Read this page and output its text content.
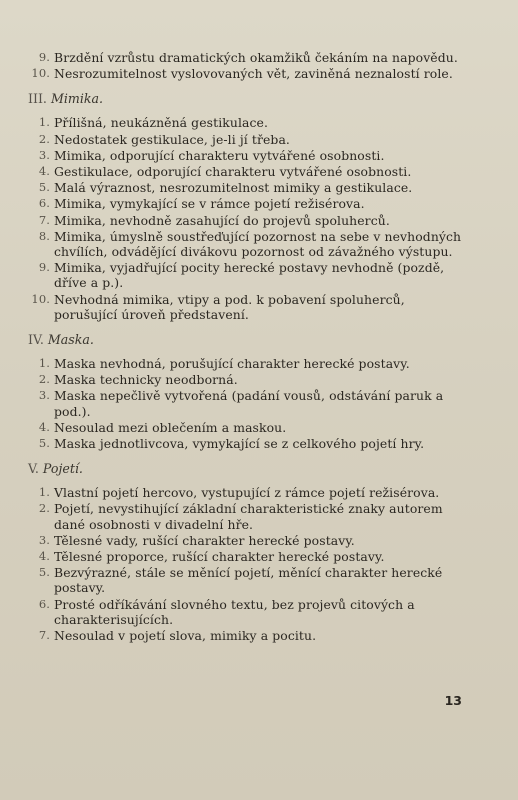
9. Brzdění vzrůstu dramatických okamžiků čekáním na napovědu.
10. Nesrozumitelnost vyslovovaných vět, zaviněná neznalostí role.
III. Mimika.
1. Přílišná, neukázněná gestikulace.
2. Nedostatek gestikulace, je-li jí třeba.
3. Mimika, odporující charakteru vytvářené osobnosti.
4. Gestikulace, odporující charakteru vytvářené osobnosti.
5. Malá výraznost, nesrozumitelnost mimiky a gestikulace.
6. Mimika, vymykající se v rámce pojetí režisérova.
7. Mimika, nevhodně zasahující do projevů spoluherců.
8. Mimika, úmyslně soustřeďující pozornost na sebe v nevhodných chvílích, odvádějící divákovu pozornost od závažného výstupu.
9. Mimika, vyjadřující pocity herecké postavy nevhodně (pozdě, dříve a p.).
10. Nevhodná mimika, vtipy a pod. k pobavení spoluherců, porušující úroveň představení.
IV. Maska.
1. Maska nevhodná, porušující charakter herecké postavy.
2. Maska technicky neodborná.
3. Maska nepečlivě vytvořená (padání vousů, odstávání paruk a pod.).
4. Nesoulad mezi oblečením a maskou.
5. Maska jednotlivcova, vymykající se z celkového pojetí hry.
V. Pojetí.
1. Vlastní pojetí hercovo, vystupující z rámce pojetí režisérova.
2. Pojetí, nevystihující základní charakteristické znaky autorem dané osobnosti v divadelní hře.
3. Tělesné vady, rušící charakter herecké postavy.
4. Tělesné proporce, rušící charakter herecké postavy.
5. Bezvýrazné, stále se měnící pojetí, měnící charakter herecké postavy.
6. Prosté odříkávání slovného textu, bez projevů citových a charakterisujících.
7. Nesoulad v pojetí slova, mimiky a pocitu.
13
